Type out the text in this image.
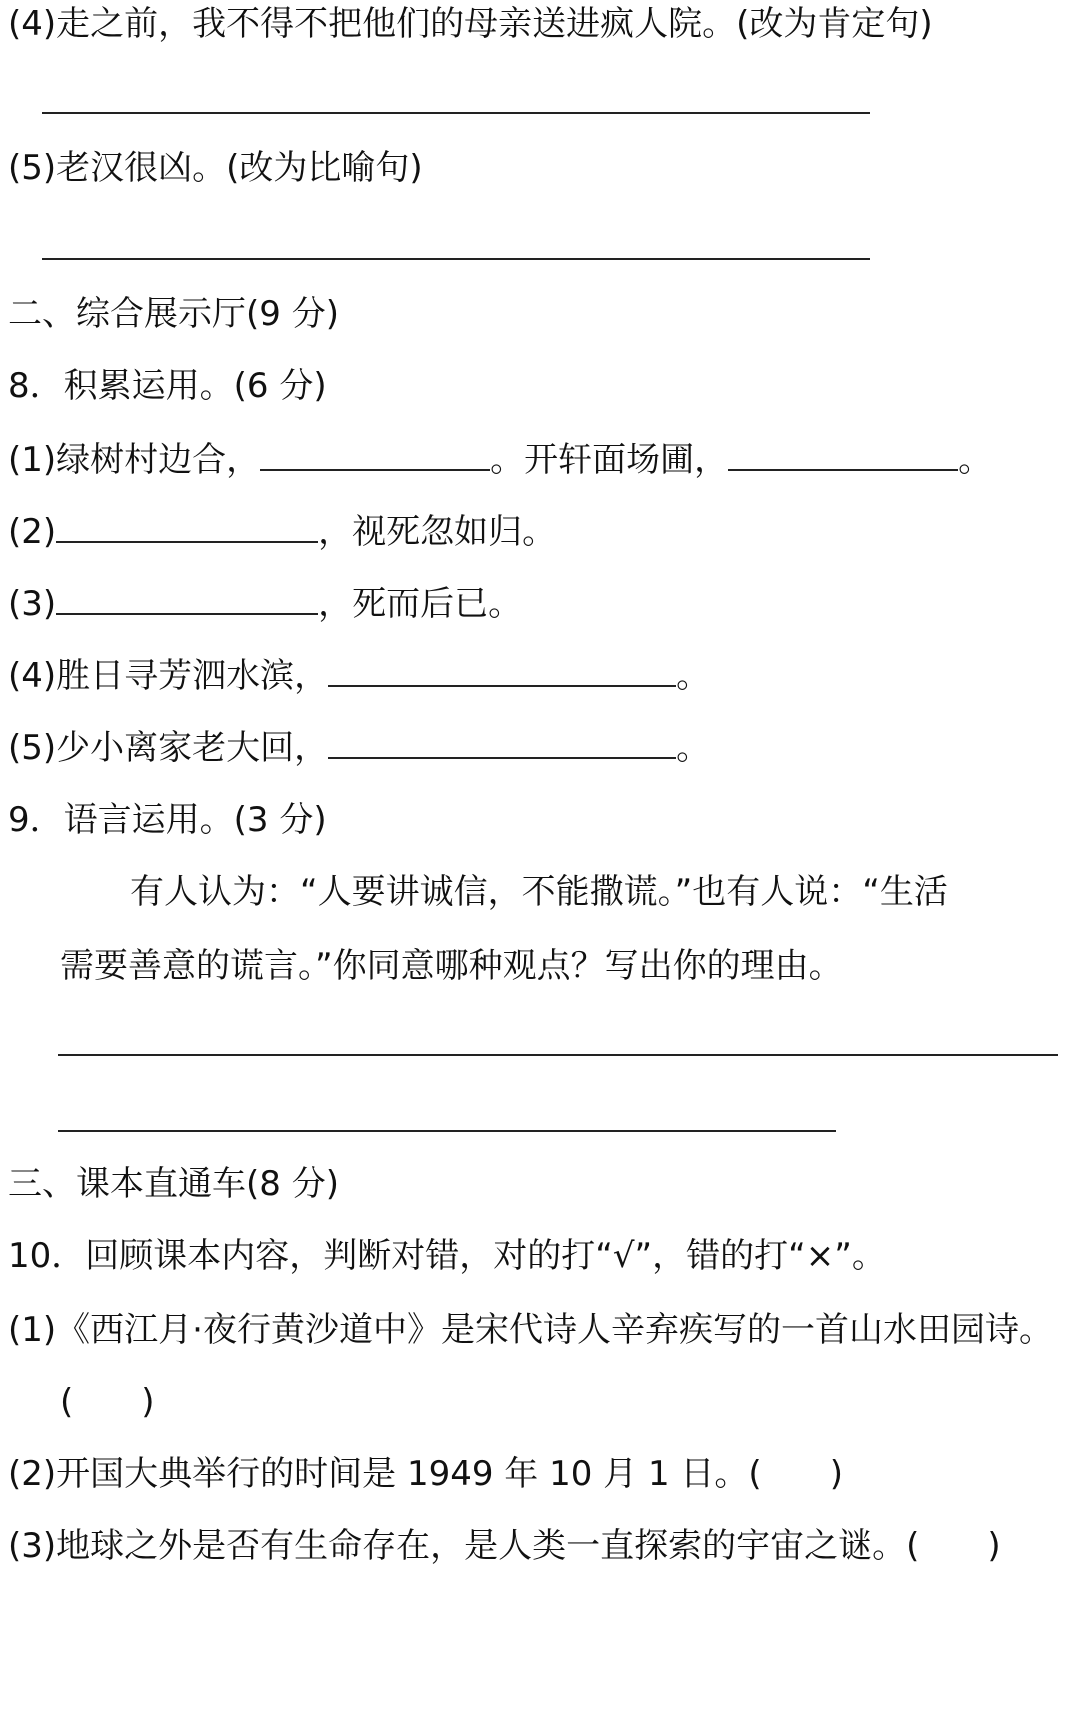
(4)走之前，我不得不把他们的母亲送进疯人院。(改为肯定句)
(5)老汉很凶。(改为比喻句)
二、综合展示厅(9 分)
8．积累运用。(6 分)
(1)绿树村边合，	。开轩面场圃，	。
(2)	，视死忽如归。
(3)	，死而后已。
(4)胜日寻芳泗水滨，	。
(5)少小离家老大回，	。
9．语言运用。(3 分)
有人认为：“人要讲诚信，不能撒谎。”也有人说：“生活
需要善意的谎言。”你同意哪种观点？写出你的理由。
三、课本直通车(8 分)
10．回顾课本内容，判断对错，对的打“√”，错的打“×”。
(1)《西江月·夜行黄沙道中》是宋代诗人辛弃疾写的一首山水田园诗。
(　　)
(2)开国大典举行的时间是 1949 年 10 月 1 日。(　　)
(3)地球之外是否有生命存在，是人类一直探索的宇宙之谜。(　　)
